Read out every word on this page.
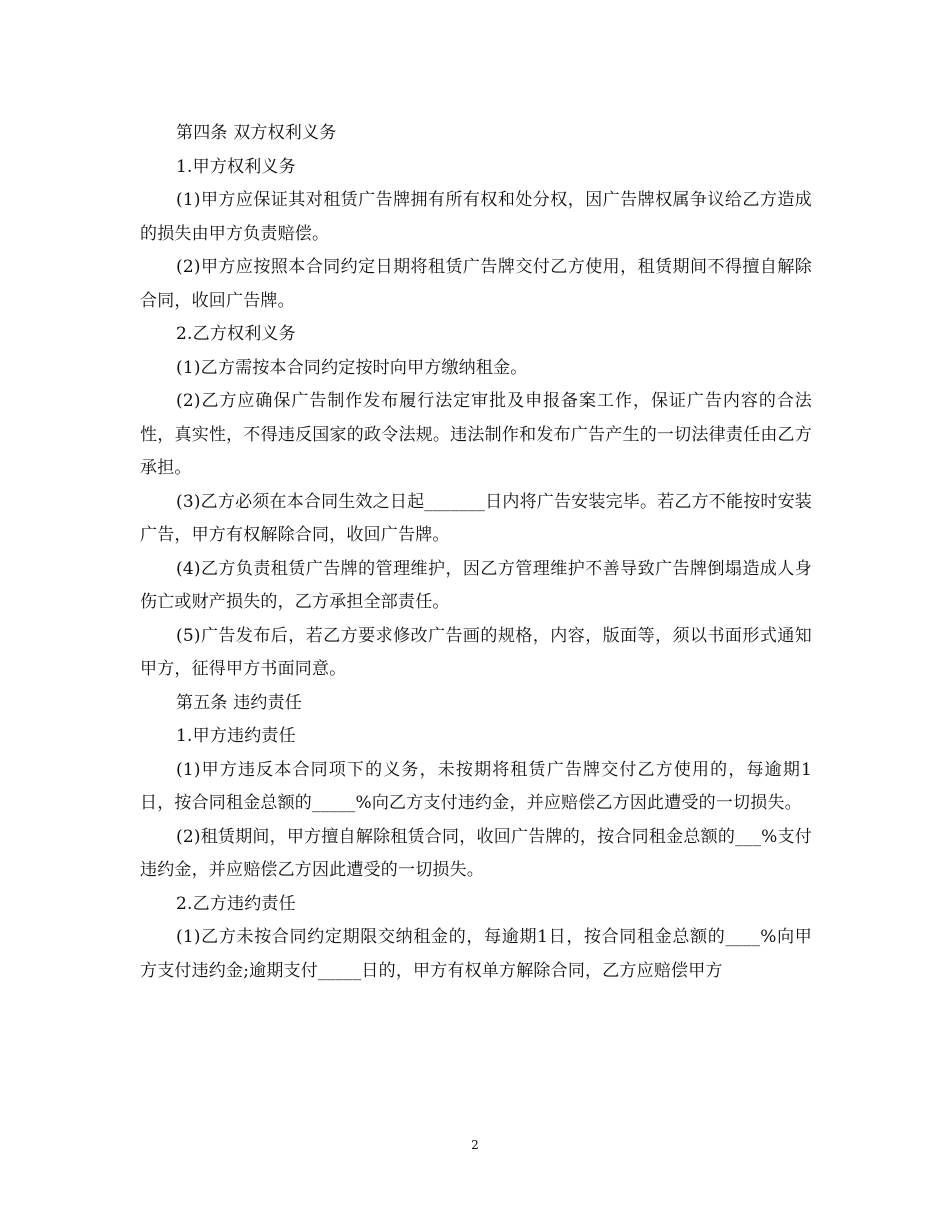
第四条 双方权利义务

1.甲方权利义务

(1)甲方应保证其对租赁广告牌拥有所有权和处分权，因广告牌权属争议给乙方造成的损失由甲方负责赔偿。

(2)甲方应按照本合同约定日期将租赁广告牌交付乙方使用，租赁期间不得擅自解除合同，收回广告牌。

2.乙方权利义务

(1)乙方需按本合同约定按时向甲方缴纳租金。

(2)乙方应确保广告制作发布履行法定审批及申报备案工作，保证广告内容的合法性，真实性，不得违反国家的政令法规。违法制作和发布广告产生的一切法律责任由乙方承担。

(3)乙方必须在本合同生效之日起_______日内将广告安装完毕。若乙方不能按时安装广告，甲方有权解除合同，收回广告牌。

(4)乙方负责租赁广告牌的管理维护，因乙方管理维护不善导致广告牌倒塌造成人身伤亡或财产损失的，乙方承担全部责任。

(5)广告发布后，若乙方要求修改广告画的规格，内容，版面等，须以书面形式通知甲方，征得甲方书面同意。

第五条 违约责任

1.甲方违约责任

(1)甲方违反本合同项下的义务，未按期将租赁广告牌交付乙方使用的，每逾期1日，按合同租金总额的_____%向乙方支付违约金，并应赔偿乙方因此遭受的一切损失。

(2)租赁期间，甲方擅自解除租赁合同，收回广告牌的，按合同租金总额的___%支付违约金，并应赔偿乙方因此遭受的一切损失。

2.乙方违约责任

(1)乙方未按合同约定期限交纳租金的，每逾期1日，按合同租金总额的____%向甲方支付违约金;逾期支付_____日的，甲方有权单方解除合同，乙方应赔偿甲方

2
